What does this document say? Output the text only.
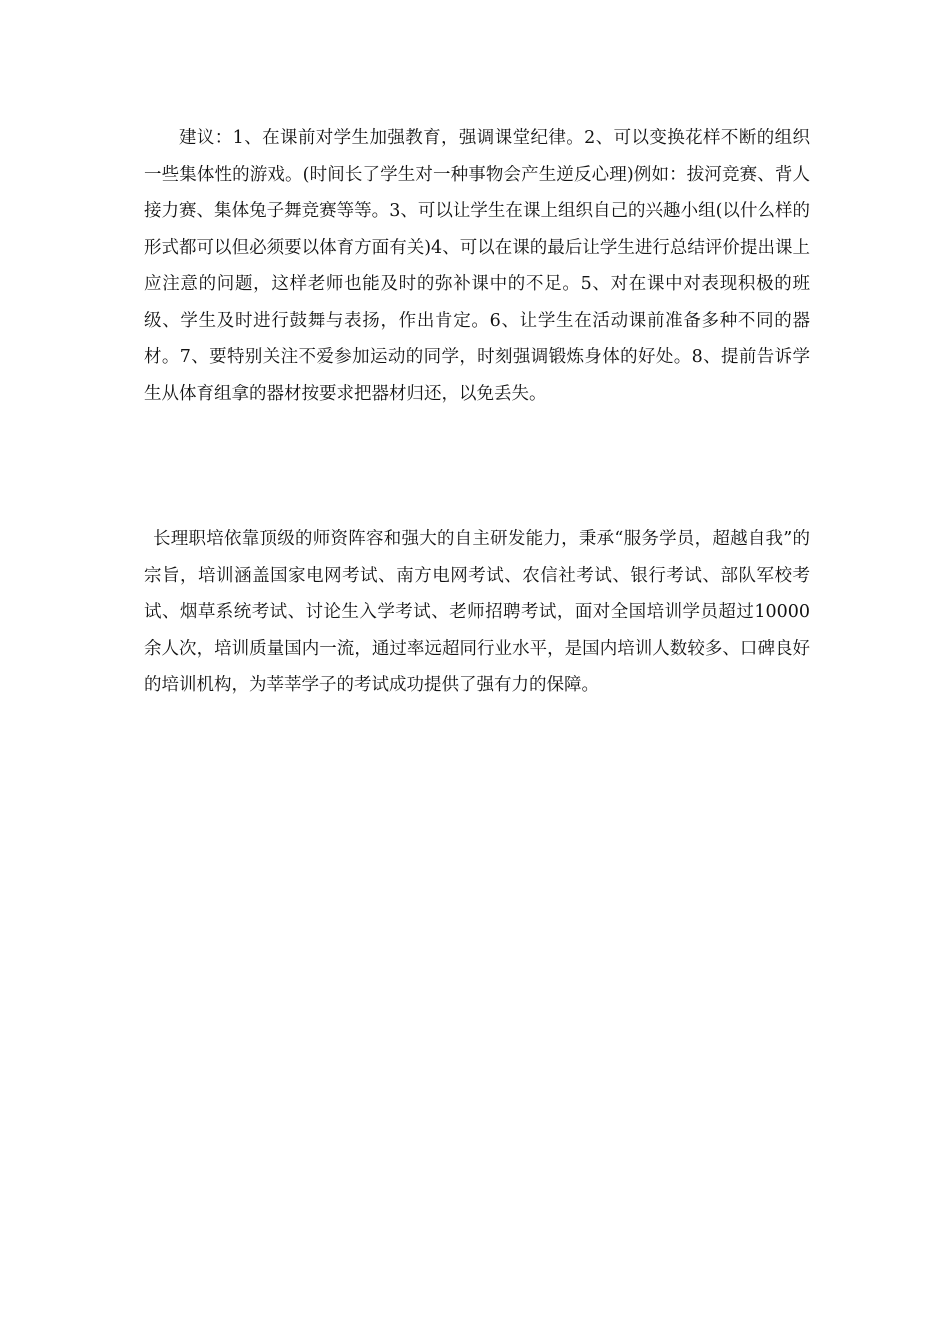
建议：1、在课前对学生加强教育，强调课堂纪律。2、可以变换花样不断的组织一些集体性的游戏。(时间长了学生对一种事物会产生逆反心理)例如：拔河竞赛、背人接力赛、集体兔子舞竞赛等等。3、可以让学生在课上组织自己的兴趣小组(以什么样的形式都可以但必须要以体育方面有关)4、可以在课的最后让学生进行总结评价提出课上应注意的问题，这样老师也能及时的弥补课中的不足。5、对在课中对表现积极的班级、学生及时进行鼓舞与表扬，作出肯定。6、让学生在活动课前准备多种不同的器材。7、要特别关注不爱参加运动的同学，时刻强调锻炼身体的好处。8、提前告诉学生从体育组拿的器材按要求把器材归还，以免丢失。

长理职培依靠顶级的师资阵容和强大的自主研发能力，秉承“服务学员，超越自我”的宗旨，培训涵盖国家电网考试、南方电网考试、农信社考试、银行考试、部队军校考试、烟草系统考试、讨论生入学考试、老师招聘考试，面对全国培训学员超过10000余人次，培训质量国内一流，通过率远超同行业水平，是国内培训人数较多、口碑良好的培训机构，为莘莘学子的考试成功提供了强有力的保障。
